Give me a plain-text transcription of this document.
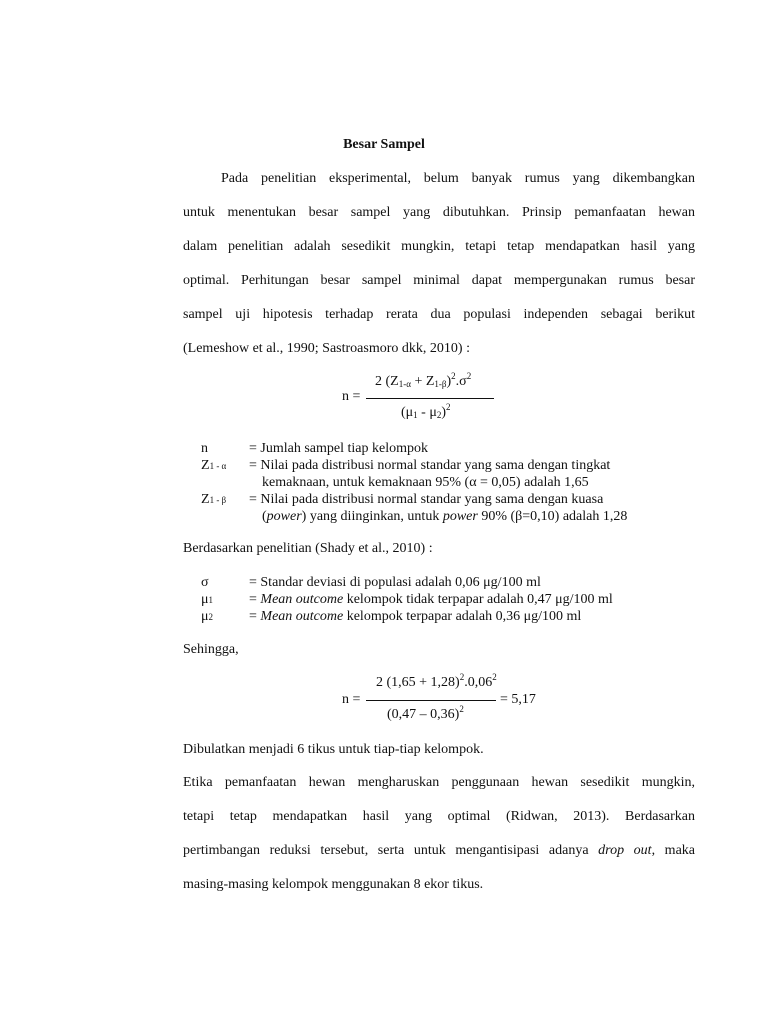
Besar Sampel
Pada penelitian eksperimental, belum banyak rumus yang dikembangkan
untuk menentukan besar sampel yang dibutuhkan. Prinsip pemanfaatan hewan
dalam penelitian adalah sesedikit mungkin, tetapi tetap mendapatkan hasil yang
optimal. Perhitungan besar sampel minimal dapat mempergunakan rumus besar
sampel uji hipotesis terhadap rerata dua populasi independen sebagai berikut
(Lemeshow et al., 1990; Sastroasmoro dkk, 2010) :
2 $(Z_{1-\alpha} + Z_{1-\beta})^2.\sigma^2$
n =
$(\mu_1 - \mu_2)^2$
n	= Jumlah sampel tiap kelompok
Z1 - α = Nilai pada distribusi normal standar yang sama dengan tingkat
kemaknaan, untuk kemaknaan 95% (α = 0,05) adalah 1,65
Z1 - β = Nilai pada distribusi normal standar yang sama dengan kuasa
(power) yang diinginkan, untuk power 90% (β=0,10) adalah 1,28
Berdasarkan penelitian (Shady et al., 2010) :
σ	= Standar deviasi di populasi adalah 0,06 μg/100 ml
μ1	= Mean outcome kelompok tidak terpapar adalah 0,47 μg/100 ml
μ2	= Mean outcome kelompok terpapar adalah 0,36 μg/100 ml
Sehingga,
2 $(1,65 + 1,28)^2.0,06^2$
n =	= 5,17
(0,47 – 0,36)$^2$
Dibulatkan menjadi 6 tikus untuk tiap-tiap kelompok.
Etika pemanfaatan hewan mengharuskan penggunaan hewan sesedikit mungkin,
tetapi tetap mendapatkan hasil yang optimal (Ridwan, 2013). Berdasarkan
pertimbangan reduksi tersebut, serta untuk mengantisipasi adanya drop out, maka
masing-masing kelompok menggunakan 8 ekor tikus.
